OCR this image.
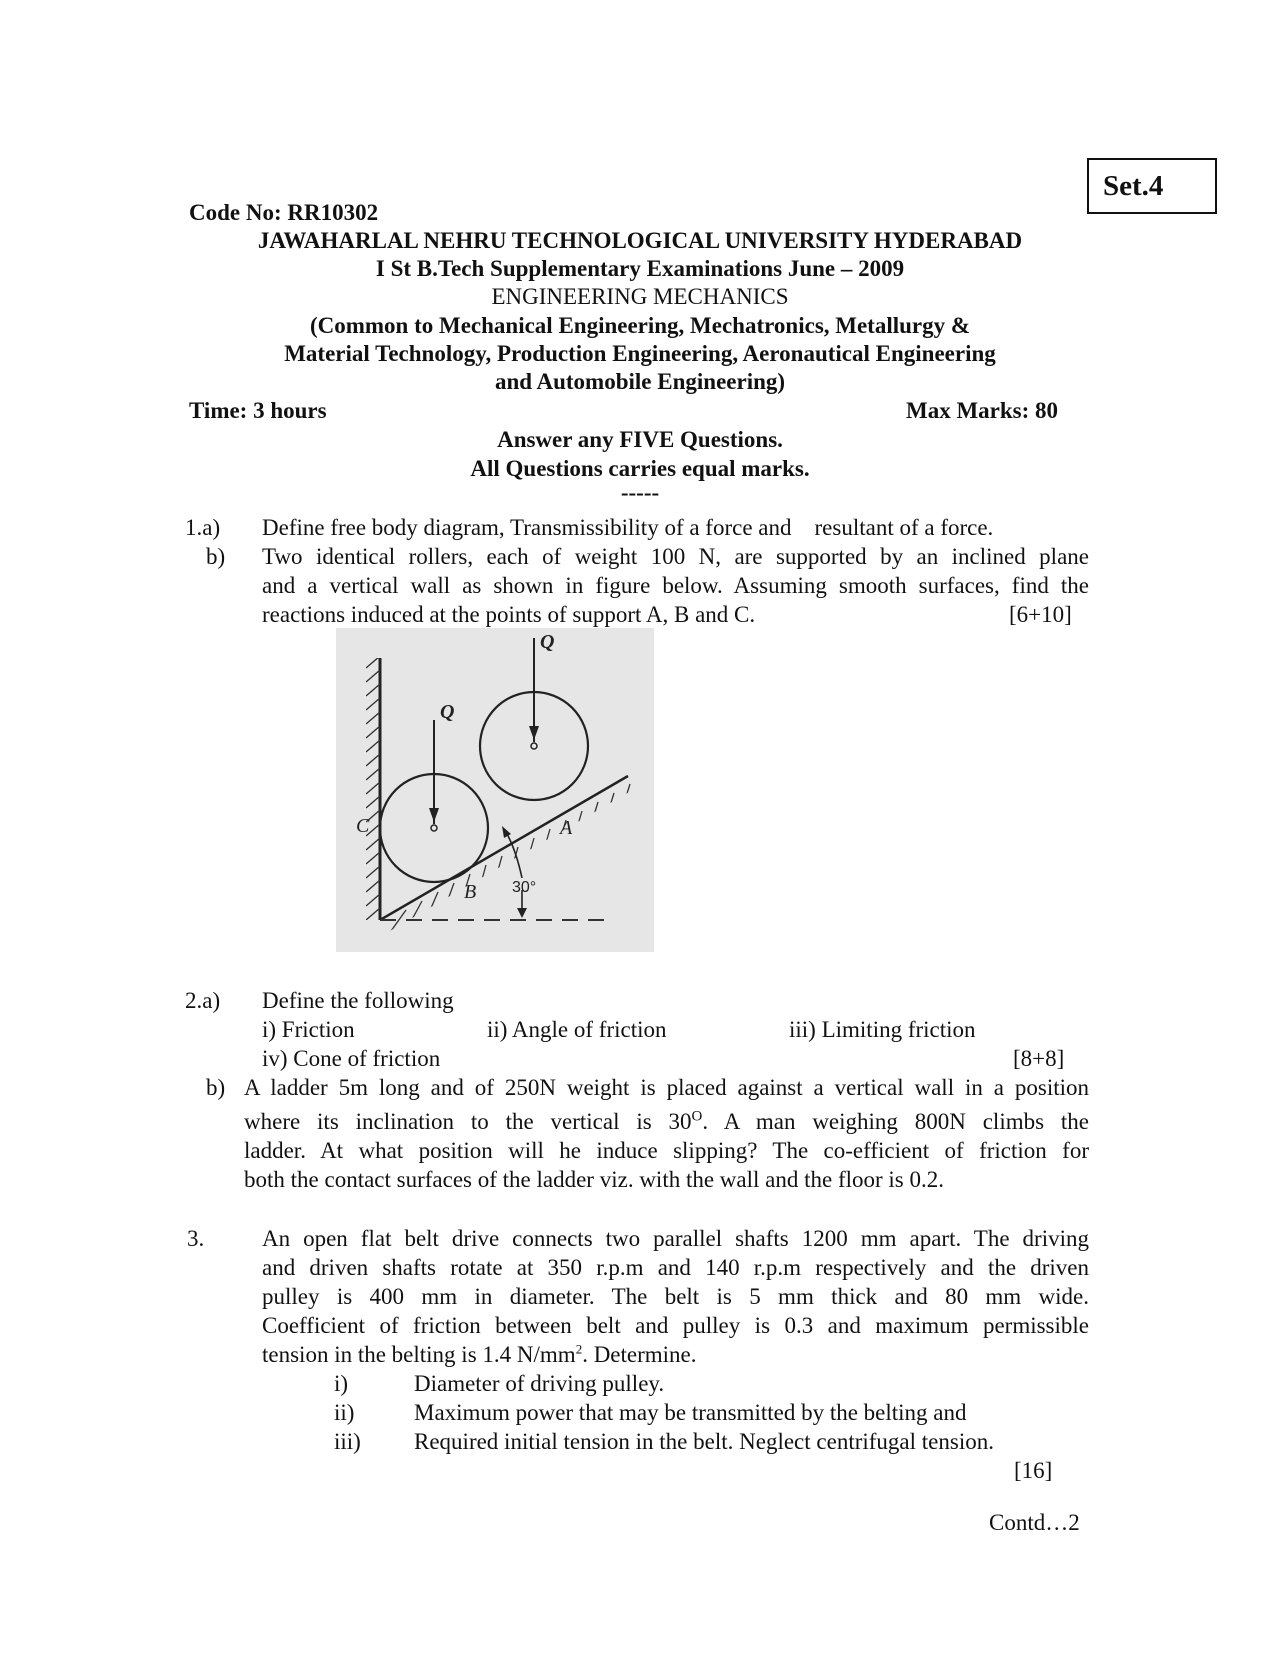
Set.4
Code No: RR10302
JAWAHARLAL NEHRU TECHNOLOGICAL UNIVERSITY HYDERABAD
I St B.Tech Supplementary Examinations June – 2009
ENGINEERING MECHANICS
(Common to Mechanical Engineering, Mechatronics, Metallurgy &
Material Technology, Production Engineering, Aeronautical Engineering
and Automobile Engineering)
Time: 3 hours	Max Marks: 80
Answer any FIVE Questions.
All Questions carries equal marks.
-----
1.a) Define free body diagram, Transmissibility of a force and    resultant of a force.
b) Two identical rollers, each of weight 100 N, are supported by an inclined plane
and a vertical wall as shown in figure below. Assuming smooth surfaces, find the
reactions induced at the points of support A, B and C.	[6+10]
Q
Q
C	A
B 30°
2.a) Define the following
i) Friction	ii) Angle of friction	iii) Limiting friction
iv) Cone of friction	[8+8]
b) A ladder 5m long and of 250N weight is placed against a vertical wall in a position
where its inclination to the vertical is $30^O$. A man weighing 800N climbs the
ladder. At what position will he induce slipping? The co-efficient of friction for
both the contact surfaces of the ladder viz. with the wall and the floor is 0.2.
3.	An open flat belt drive connects two parallel shafts 1200 mm apart. The driving
and driven shafts rotate at 350 r.p.m and 140 r.p.m respectively and the driven
pulley is 400 mm in diameter. The belt is 5 mm thick and 80 mm wide.
Coefficient of friction between belt and pulley is 0.3 and maximum permissible
tension in the belting is 1.4 $N/mm^2$. Determine.
i)	Diameter of driving pulley.
ii)	Maximum power that may be transmitted by the belting and
iii) Required initial tension in the belt. Neglect centrifugal tension.
[16]
Contd…2
